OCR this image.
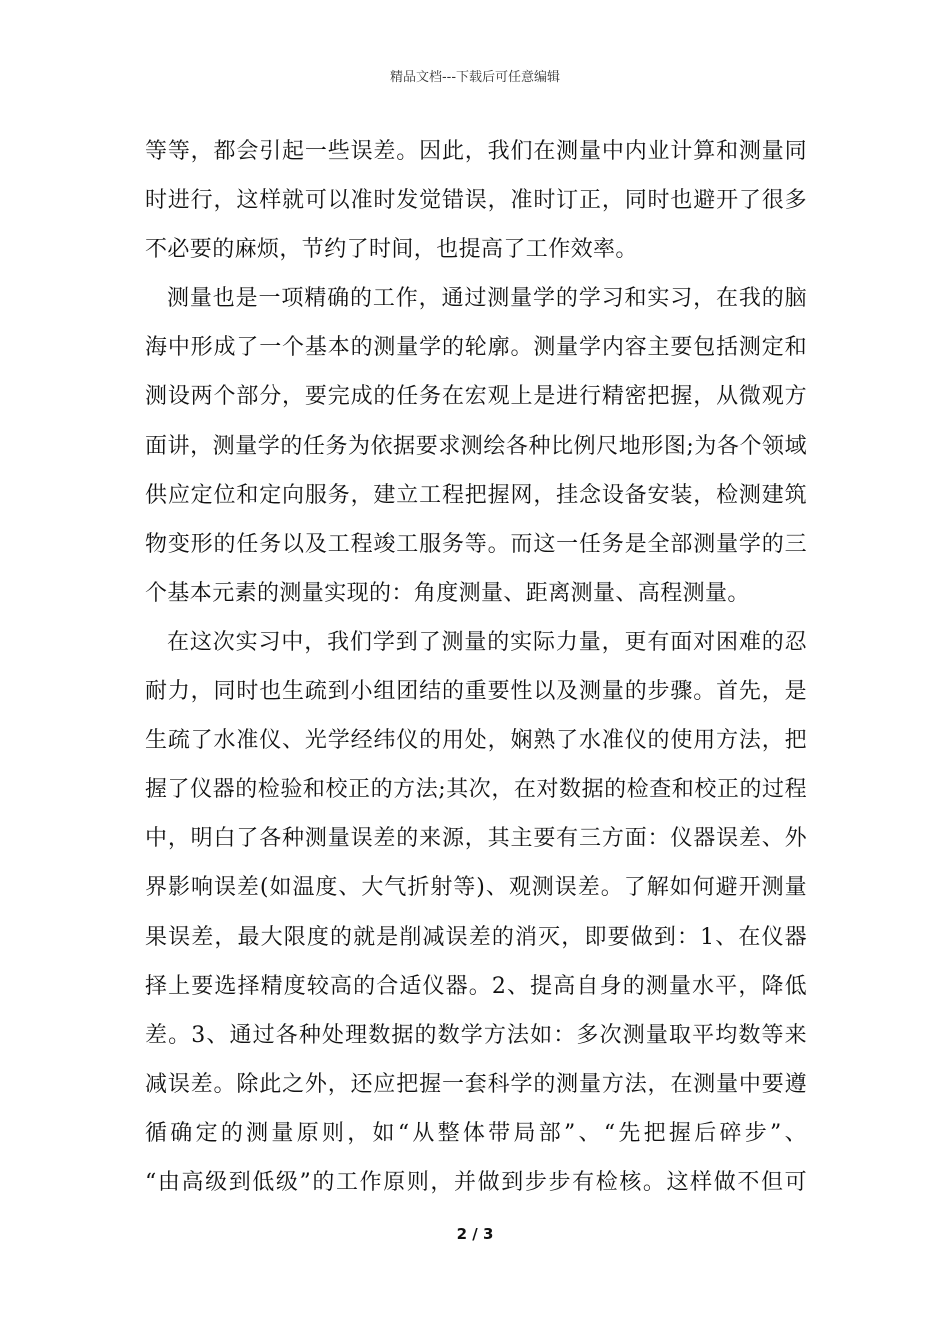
精品文档---下载后可任意编辑
等等，都会引起一些误差。因此，我们在测量中内业计算和测量同
时进行，这样就可以准时发觉错误，准时订正，同时也避开了很多
不必要的麻烦，节约了时间，也提高了工作效率。
测量也是一项精确的工作，通过测量学的学习和实习，在我的脑
海中形成了一个基本的测量学的轮廓。测量学内容主要包括测定和
测设两个部分，要完成的任务在宏观上是进行精密把握，从微观方
面讲，测量学的任务为依据要求测绘各种比例尺地形图;为各个领域
供应定位和定向服务，建立工程把握网，挂念设备安装，检测建筑
物变形的任务以及工程竣工服务等。而这一任务是全部测量学的三
个基本元素的测量实现的：角度测量、距离测量、高程测量。
在这次实习中，我们学到了测量的实际力量，更有面对困难的忍
耐力，同时也生疏到小组团结的重要性以及测量的步骤。首先，是
生疏了水准仪、光学经纬仪的用处，娴熟了水准仪的使用方法，把
握了仪器的检验和校正的方法;其次，在对数据的检查和校正的过程
中，明白了各种测量误差的来源，其主要有三方面：仪器误差、外
界影响误差(如温度、大气折射等)、观测误差。了解如何避开测量
果误差，最大限度的就是削减误差的消灭，即要做到：1、在仪器
择上要选择精度较高的合适仪器。2、提高自身的测量水平，降低
差。3、通过各种处理数据的数学方法如：多次测量取平均数等来
减误差。除此之外，还应把握一套科学的测量方法，在测量中要遵
循确定的测量原则，如“从整体带局部”、“先把握后碎步”、
“由高级到低级”的工作原则，并做到步步有检核。这样做不但可
2 / 3
